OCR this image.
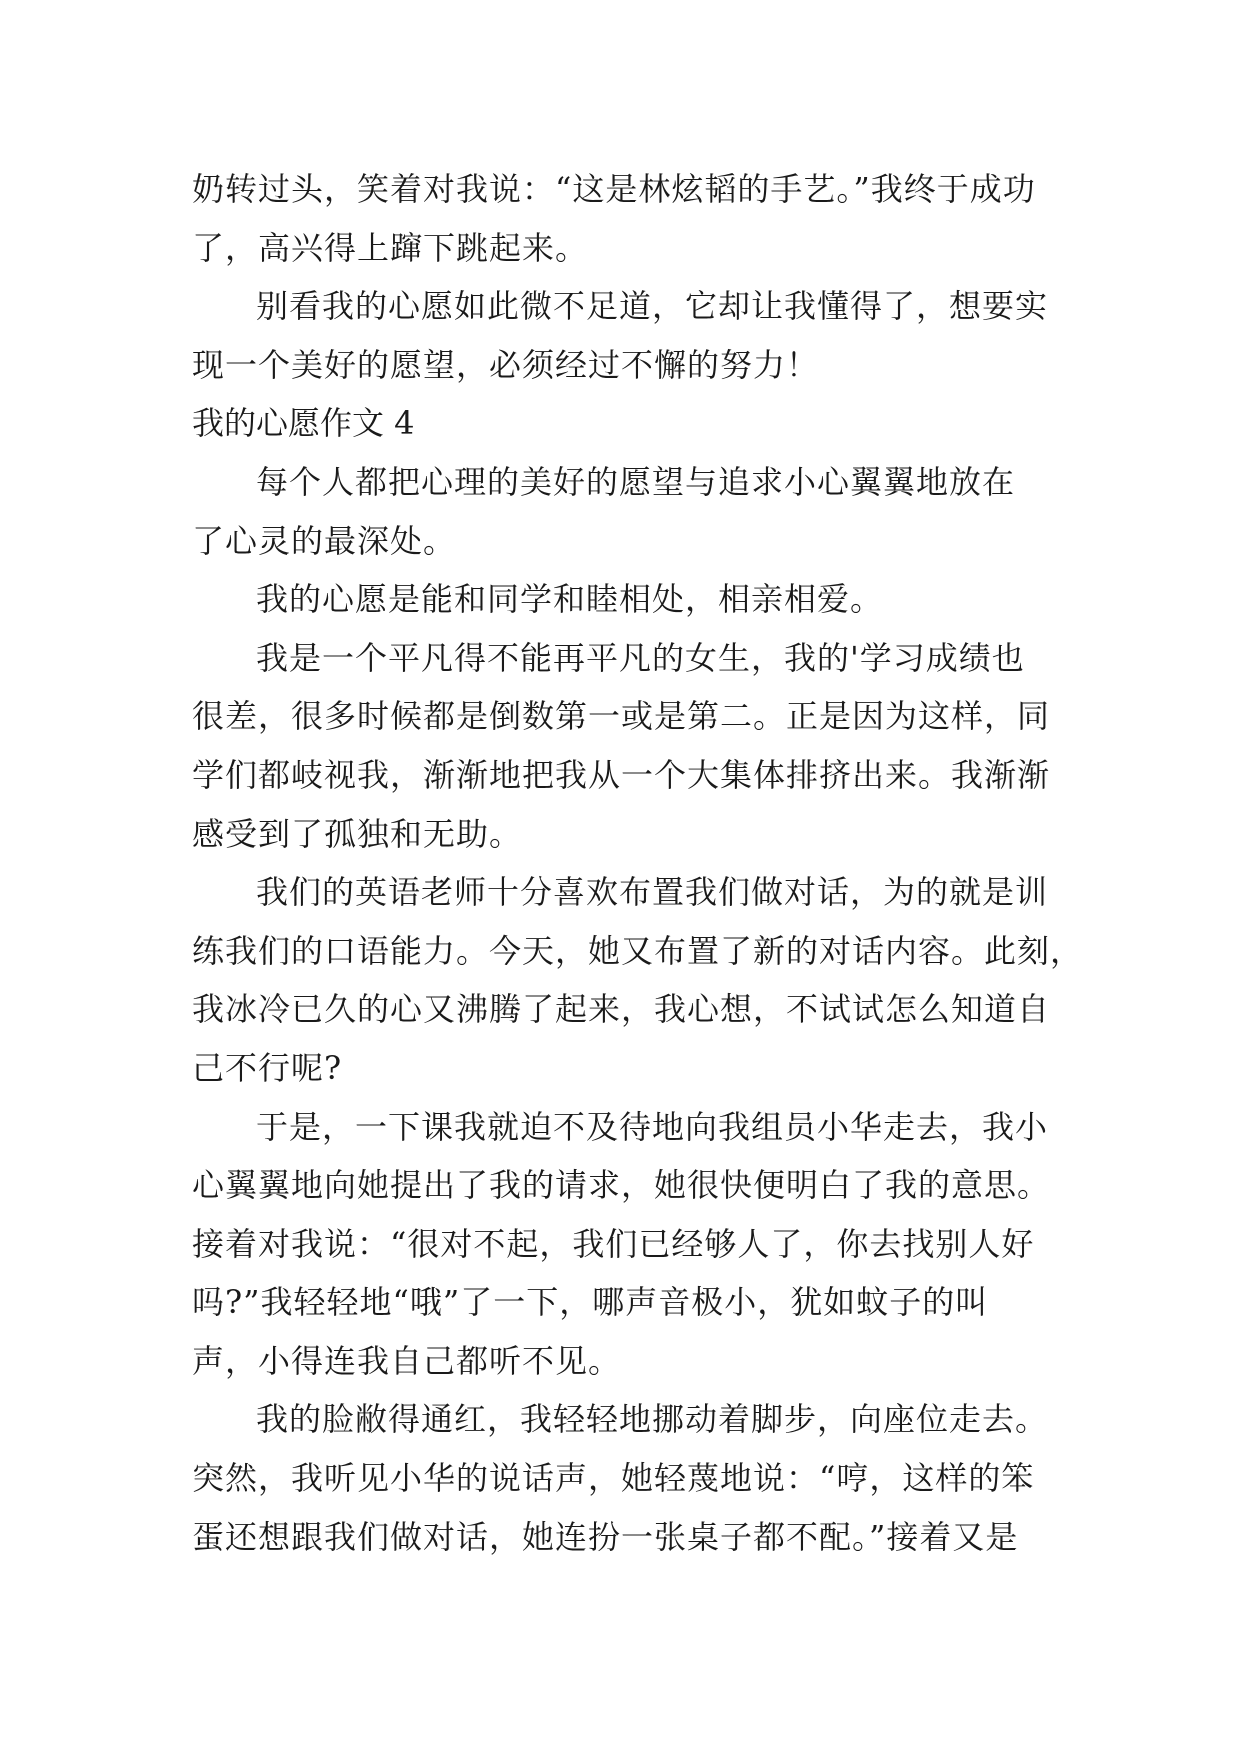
奶转过头，笑着对我说：“这是林炫韬的手艺。”我终于成功
了，高兴得上蹿下跳起来。
别看我的心愿如此微不足道，它却让我懂得了，想要实
现一个美好的愿望，必须经过不懈的努力！
我的心愿作文 4
每个人都把心理的美好的愿望与追求小心翼翼地放在
了心灵的最深处。
我的心愿是能和同学和睦相处，相亲相爱。
我是一个平凡得不能再平凡的女生，我的'学习成绩也
很差，很多时候都是倒数第一或是第二。正是因为这样，同
学们都岐视我，渐渐地把我从一个大集体排挤出来。我渐渐
感受到了孤独和无助。
我们的英语老师十分喜欢布置我们做对话，为的就是训
练我们的口语能力。今天，她又布置了新的对话内容。此刻，
我冰冷已久的心又沸腾了起来，我心想，不试试怎么知道自
己不行呢?
于是，一下课我就迫不及待地向我组员小华走去，我小
心翼翼地向她提出了我的请求，她很快便明白了我的意思。
接着对我说：“很对不起，我们已经够人了，你去找别人好
吗?”我轻轻地“哦”了一下，哪声音极小，犹如蚊子的叫
声，小得连我自己都听不见。
我的脸敝得通红，我轻轻地挪动着脚步，向座位走去。
突然，我听见小华的说话声，她轻蔑地说：“哼，这样的笨
蛋还想跟我们做对话，她连扮一张桌子都不配。”接着又是
